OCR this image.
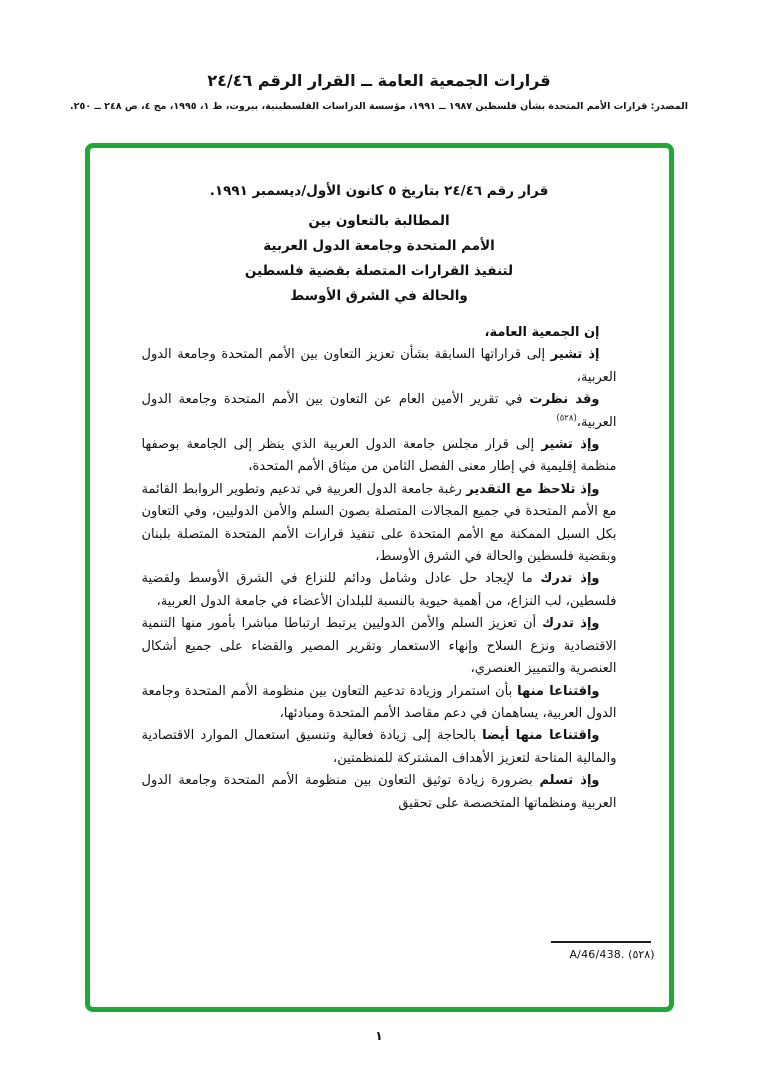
قرارات الجمعية العامة ــ القرار الرقم ٢٤/٤٦
المصدر: قرارات الأمم المتحدة بشأن فلسطين ١٩٨٧ ــ ١٩٩١، مؤسسة الدراسات الفلسطينية، بيروت، ط ١، ١٩٩٥، مج ٤، ص ٢٤٨ ــ ٢٥٠.
قرار رقم ٢٤/٤٦ بتاريخ ٥ كانون الأول/ديسمبر ١٩٩١.
المطالبة بالتعاون بين
الأمم المتحدة وجامعة الدول العربية
لتنفيذ القرارات المتصلة بقضية فلسطين
والحالة في الشرق الأوسط

إن الجمعية العامة،

إذ تشير إلى قراراتها السابقة بشأن تعزيز التعاون بين الأمم المتحدة وجامعة الدول العربية،

وقد نظرت في تقرير الأمين العام عن التعاون بين الأمم المتحدة وجامعة الدول العربية،$^{(٥٢٨)}$

وإذ تشير إلى قرار مجلس جامعة الدول العربية الذي ينظر إلى الجامعة بوصفها منظمة إقليمية في إطار معنى الفصل الثامن من ميثاق الأمم المتحدة،

وإذ تلاحظ مع التقدير رغبة جامعة الدول العربية في تدعيم وتطوير الروابط القائمة مع الأمم المتحدة في جميع المجالات المتصلة بصون السلم والأمن الدوليين، وفي التعاون بكل السبل الممكنة مع الأمم المتحدة على تنفيذ قرارات الأمم المتحدة المتصلة بلبنان وبقضية فلسطين والحالة في الشرق الأوسط،

وإذ تدرك ما لإيجاد حل عادل وشامل ودائم للنزاع في الشرق الأوسط ولقضية فلسطين، لب النزاع، من أهمية حيوية بالنسبة للبلدان الأعضاء في جامعة الدول العربية،

وإذ تدرك أن تعزيز السلم والأمن الدوليين يرتبط ارتباطا مباشرا بأمور منها التنمية الاقتصادية ونزع السلاح وإنهاء الاستعمار وتقرير المصير والقضاء على جميع أشكال العنصرية والتمييز العنصري،

واقتناعا منها بأن استمرار وزيادة تدعيم التعاون بين منظومة الأمم المتحدة وجامعة الدول العربية، يساهمان في دعم مقاصد الأمم المتحدة ومبادئها،

واقتناعا منها أيضا بالحاجة إلى زيادة فعالية وتنسيق استعمال الموارد الاقتصادية والمالية المتاحة لتعزيز الأهداف المشتركة للمنظمتين،

وإذ تسلم بضرورة زيادة توثيق التعاون بين منظومة الأمم المتحدة وجامعة الدول العربية ومنظماتها المتخصصة على تحقيق

(٥٢٨) A/46/438.
١
